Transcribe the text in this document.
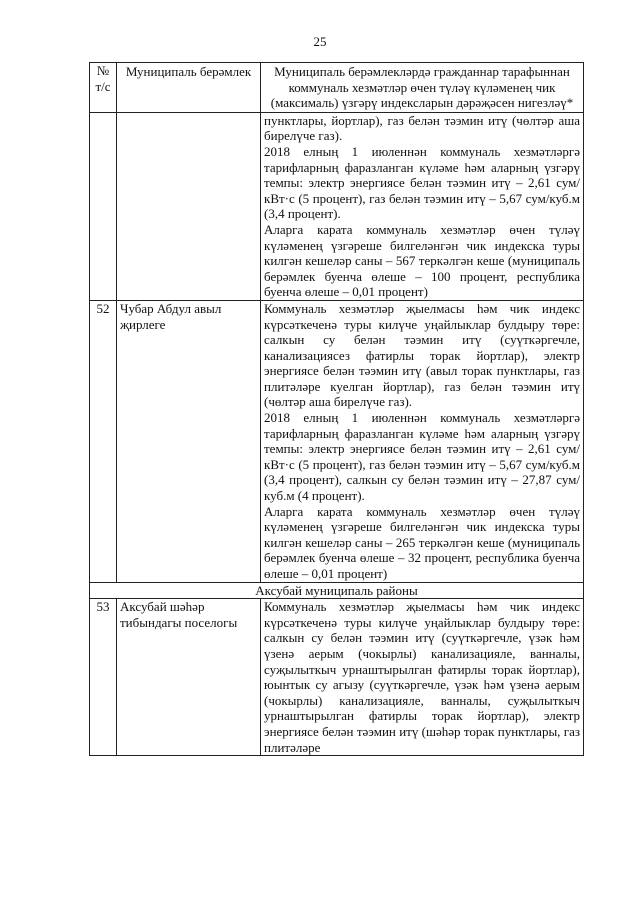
25
№ т/с	Муниципаль берәмлек	Муниципаль берәмлекләрдә гражданнар тарафыннан коммуналь хезмәтләр өчен түләү күләменең чик (максималь) үзгәрү индексларын дәрәҗәсен нигезләү*

		пунктлары, йортлар), газ белән тәэмин итү (чөлтәр аша бирелүче газ).

2018 елның 1 июленнән коммуналь хезмәтләргә тарифларның фаразланган күләме һәм аларның үзгәрү темпы: электр энергиясе белән тәэмин итү – 2,61 сум/кВт·с (5 процент), газ белән тәэмин итү – 5,67 сум/куб.м (3,4 процент).

Аларга карата коммуналь хезмәтләр өчен түләү күләменең үзгәреше билгеләнгән чик индекска туры килгән кешеләр саны – 567 теркәлгән кеше (муниципаль берәмлек буенча өлеше – 100 процент, республика буенча өлеше – 0,01 процент)

52	Чубар Абдул авыл җирлеге	Коммуналь хезмәтләр җыелмасы һәм чик индекс күрсәткеченә туры килүче уңайлыклар булдыру төре: салкын су белән тәэмин итү (суүткәргечле, канализациясез фатирлы торак йортлар), электр энергиясе белән тәэмин итү (авыл торак пунктлары, газ плитәләре куелган йортлар), газ белән тәэмин итү (чөлтәр аша бирелүче газ).

2018 елның 1 июленнән коммуналь хезмәтләргә тарифларның фаразланган күләме һәм аларның үзгәрү темпы: электр энергиясе белән тәэмин итү – 2,61 сум/кВт·с (5 процент), газ белән тәэмин итү – 5,67 сум/куб.м (3,4 процент), салкын су белән тәэмин итү – 27,87 сум/куб.м (4 процент).

Аларга карата коммуналь хезмәтләр өчен түләү күләменең үзгәреше билгеләнгән чик индекска туры килгән кешеләр саны – 265 теркәлгән кеше (муниципаль берәмлек буенча өлеше – 32 процент, республика буенча өлеше – 0,01 процент)

Аксубай муниципаль районы		
53	Аксубай шәһәр тибындагы поселогы	Коммуналь хезмәтләр җыелмасы һәм чик индекс күрсәткеченә туры килүче уңайлыклар булдыру төре: салкын су белән тәэмин итү (суүткәргечле, үзәк һәм үзенә аерым (чокырлы) канализацияле, ванналы, суҗылыткыч урнаштырылган фатирлы торак йортлар), юынтык су агызу (суүткәргечле, үзәк һәм үзенә аерым (чокырлы) канализацияле, ванналы, суҗылыткыч урнаштырылган фатирлы торак йортлар), электр энергиясе белән тәэмин итү (шәһәр торак пунктлары, газ плитәләре
